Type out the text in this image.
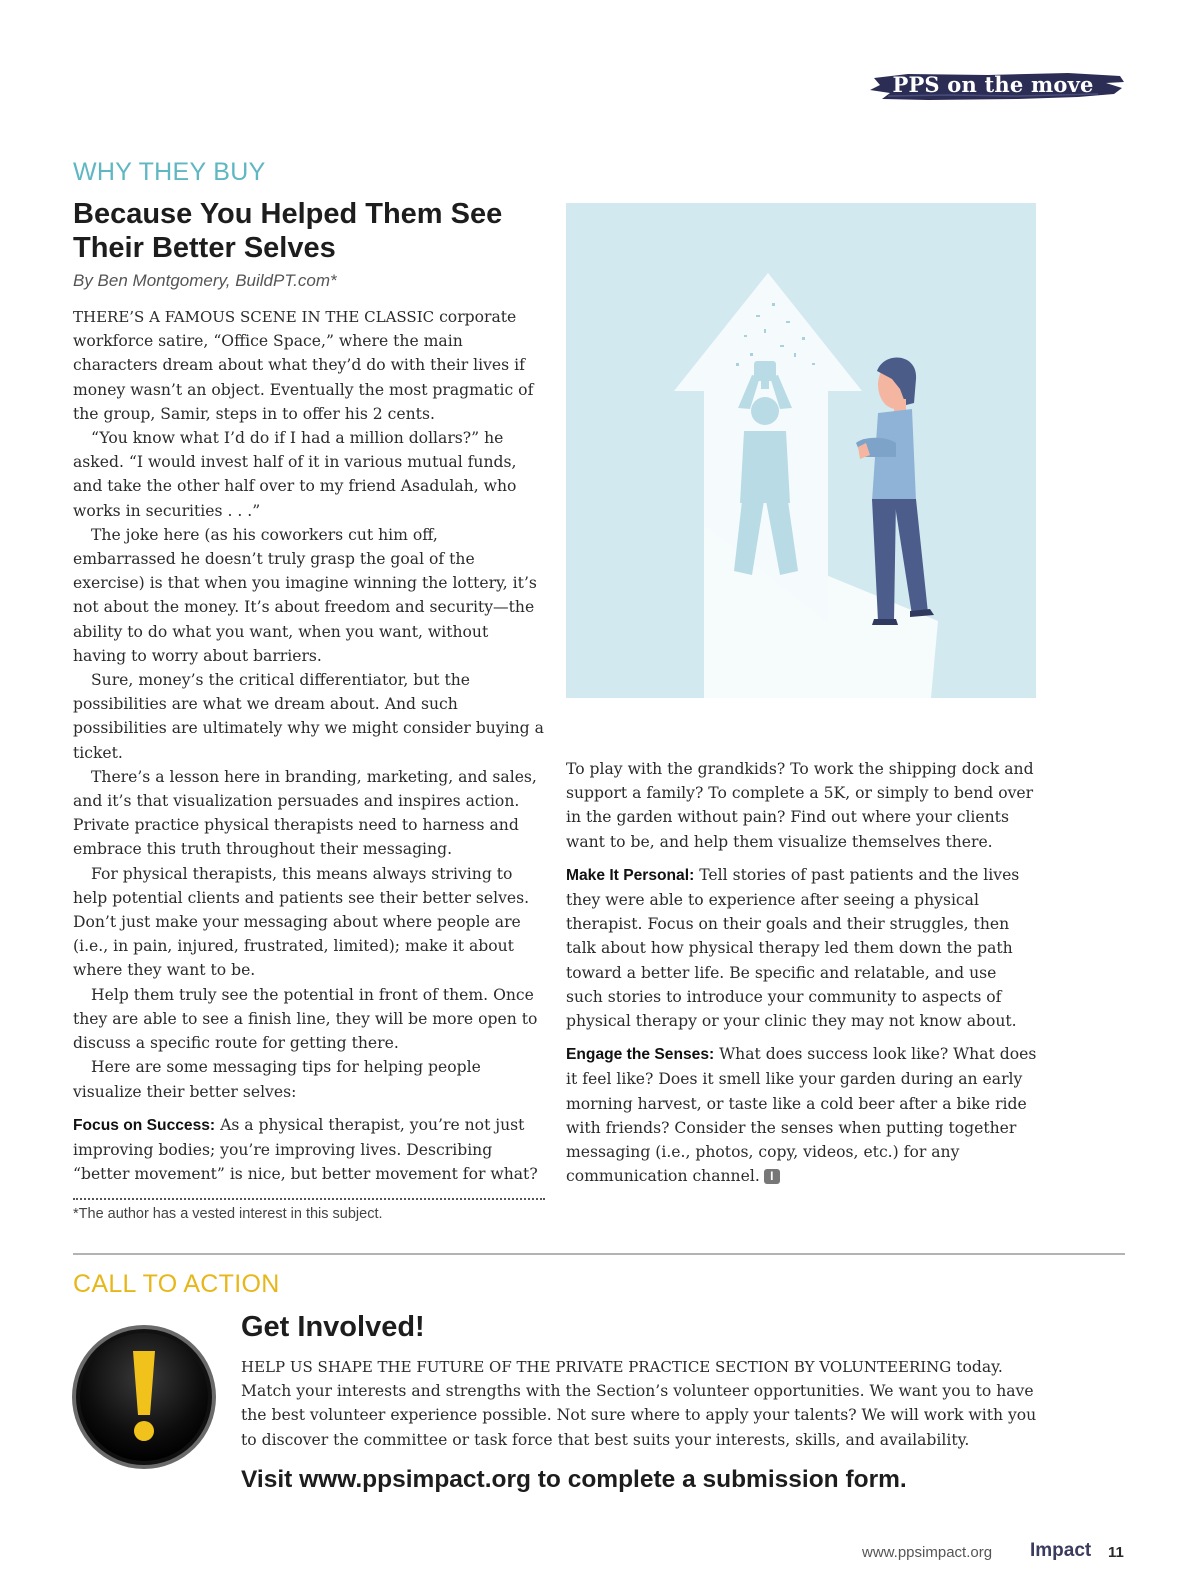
PPS on the move
WHY THEY BUY
Because You Helped Them See Their Better Selves
By Ben Montgomery, BuildPT.com*

THERE’S A FAMOUS SCENE IN THE CLASSIC corporate workforce satire, “Office Space,” where the main characters dream about what they’d do with their lives if money wasn’t an object. Eventually the most pragmatic of the group, Samir, steps in to offer his 2 cents.

“You know what I’d do if I had a million dollars?” he asked. “I would invest half of it in various mutual funds, and take the other half over to my friend Asadulah, who works in securities . . .”

The joke here (as his coworkers cut him off, embarrassed he doesn’t truly grasp the goal of the exercise) is that when you imagine winning the lottery, it’s not about the money. It’s about freedom and security—the ability to do what you want, when you want, without having to worry about barriers.

Sure, money’s the critical differentiator, but the possibilities are what we dream about. And such possibilities are ultimately why we might consider buying a ticket.

There’s a lesson here in branding, marketing, and sales, and it’s that visualization persuades and inspires action. Private practice physical therapists need to harness and embrace this truth throughout their messaging.

For physical therapists, this means always striving to help potential clients and patients see their better selves. Don’t just make your messaging about where people are (i.e., in pain, injured, frustrated, limited); make it about where they want to be.

Help them truly see the potential in front of them. Once they are able to see a finish line, they will be more open to discuss a specific route for getting there.

Here are some messaging tips for helping people visualize their better selves:

Focus on Success: As a physical therapist, you’re not just improving bodies; you’re improving lives. Describing “better movement” is nice, but better movement for what?

*The author has a vested interest in this subject.

To play with the grandkids? To work the shipping dock and support a family? To complete a 5K, or simply to bend over in the garden without pain? Find out where your clients want to be, and help them visualize themselves there.

Make It Personal: Tell stories of past patients and the lives they were able to experience after seeing a physical therapist. Focus on their goals and their struggles, then talk about how physical therapy led them down the path toward a better life. Be specific and relatable, and use such stories to introduce your community to aspects of physical therapy or your clinic they may not know about.

Engage the Senses: What does success look like? What does it feel like? Does it smell like your garden during an early morning harvest, or taste like a cold beer after a bike ride with friends? Consider the senses when putting together messaging (i.e., photos, copy, videos, etc.) for any communication channel. I

CALL TO ACTION
Get Involved!

HELP US SHAPE THE FUTURE OF THE PRIVATE PRACTICE SECTION BY VOLUNTEERING today. Match your interests and strengths with the Section’s volunteer opportunities. We want you to have the best volunteer experience possible. Not sure where to apply your talents? We will work with you to discover the committee or task force that best suits your interests, skills, and availability.

Visit www.ppsimpact.org to complete a submission form.
www.ppsimpact.org Impact 11
